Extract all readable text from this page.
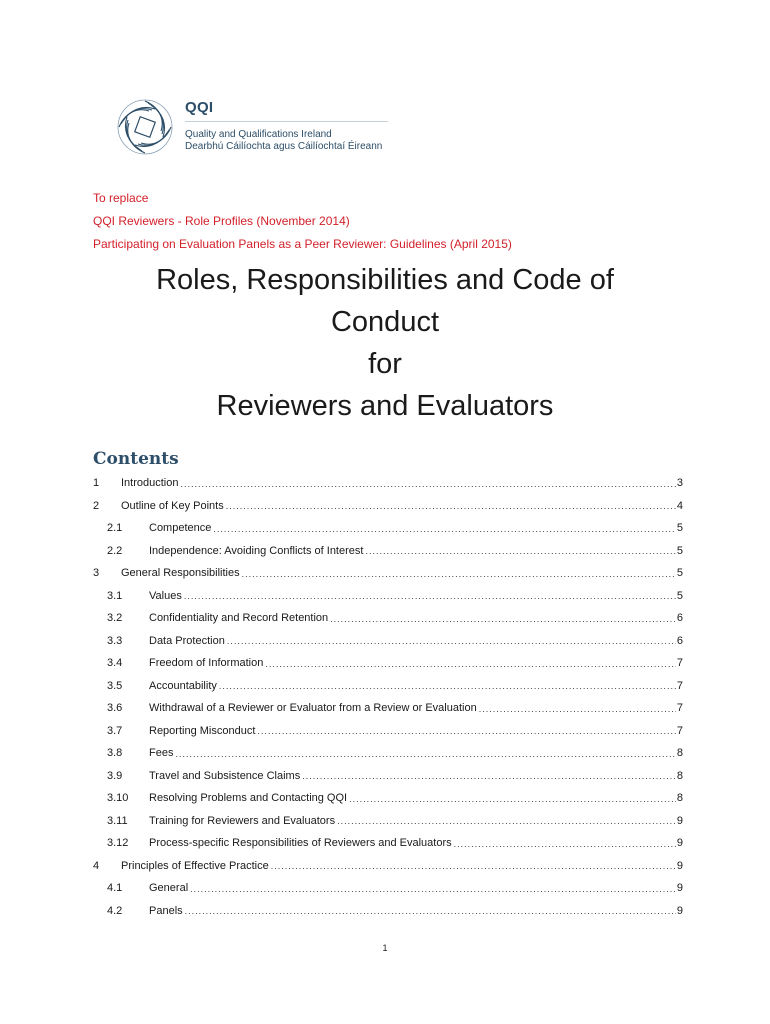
QQI
Quality and Qualifications Ireland
Dearbhú Cáilíochta agus Cáilíochtaí Éireann
To replace
QQI Reviewers - Role Profiles (November 2014)
Participating on Evaluation Panels as a Peer Reviewer: Guidelines (April 2015)
Roles, Responsibilities and Code of
Conduct
for
Reviewers and Evaluators
Contents
1	Introduction .....	3
2	Outline of Key Points .....	4
2.1	Competence .....	5
2.2	Independence: Avoiding Conflicts of Interest .....	5
3	General Responsibilities .....	5
3.1	Values .....	5
3.2	Confidentiality and Record Retention .....	6
3.3	Data Protection .....	6
3.4	Freedom of Information .....	7
3.5	Accountability .....	7
3.6	Withdrawal of a Reviewer or Evaluator from a Review or Evaluation .....	7
3.7	Reporting Misconduct .....	7
3.8	Fees .....	8
3.9	Travel and Subsistence Claims .....	8
3.10	Resolving Problems and Contacting QQI .....	8
3.11	Training for Reviewers and Evaluators .....	9
3.12	Process-specific Responsibilities of Reviewers and Evaluators .....	9
4	Principles of Effective Practice .....	9
4.1	General .....	9
4.2	Panels .....	9
1
